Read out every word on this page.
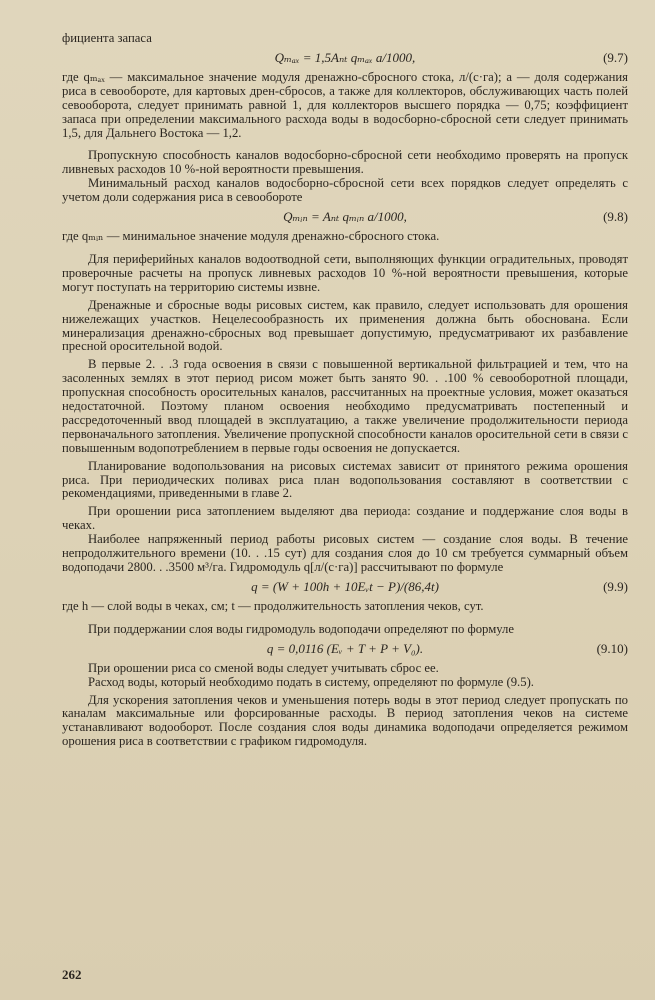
фициента запаса

Qₘₐₓ = 1,5Aₙₜ qₘₐₓ a/1000,	(9.7)

где qₘₐₓ — максимальное значение модуля дренажно-сбросного стока, л/(с·га); a — доля содержания риса в севообороте, для картовых дрен-сбросов, а также для коллекторов, обслуживающих часть полей севооборота, следует принимать равной 1, для коллекторов высшего порядка — 0,75; коэффициент запаса при определении максимального расхода воды в водосборно-сбросной сети следует принимать 1,5, для Дальнего Востока — 1,2.

Пропускную способность каналов водосборно-сбросной сети необходимо проверять на пропуск ливневых расходов 10 %-ной вероятности превышения.

Минимальный расход каналов водосборно-сбросной сети всех порядков следует определять с учетом доли содержания риса в севообороте

Qₘᵢₙ = Aₙₜ qₘᵢₙ a/1000,	(9.8)

где qₘᵢₙ — минимальное значение модуля дренажно-сбросного стока.

Для периферийных каналов водоотводной сети, выполняющих функции оградительных, проводят проверочные расчеты на пропуск ливневых расходов 10 %-ной вероятности превышения, которые могут поступать на территорию системы извне.

Дренажные и сбросные воды рисовых систем, как правило, следует использовать для орошения нижележащих участков. Нецелесообразность их применения должна быть обоснована. Если минерализация дренажно-сбросных вод превышает допустимую, предусматривают их разбавление пресной оросительной водой.

В первые 2. . .3 года освоения в связи с повышенной вертикальной фильтрацией и тем, что на засоленных землях в этот период рисом может быть занято 90. . .100 % севооборотной площади, пропускная способность оросительных каналов, рассчитанных на проектные условия, может оказаться недостаточной. Поэтому планом освоения необходимо предусматривать постепенный и рассредоточенный ввод площадей в эксплуатацию, а также увеличение продолжительности периода первоначального затопления. Увеличение пропускной способности каналов оросительной сети в связи с повышенным водопотреблением в первые годы освоения не допускается.

Планирование водопользования на рисовых системах зависит от принятого режима орошения риса. При периодических поливах риса план водопользования составляют в соответствии с рекомендациями, приведенными в главе 2.

При орошении риса затоплением выделяют два периода: создание и поддержание слоя воды в чеках.

Наиболее напряженный период работы рисовых систем — создание слоя воды. В течение непродолжительного времени (10. . .15 сут) для создания слоя до 10 см требуется суммарный объем водоподачи 2800. . .3500 м³/га. Гидромодуль q[л/(с·га)] рассчитывают по формуле

q = (W + 100h + 10Eᵥt − P)/(86,4t)	(9.9)

где h — слой воды в чеках, см; t — продолжительность затопления чеков, сут.

При поддержании слоя воды гидромодуль водоподачи определяют по формуле

q = 0,0116 (Eᵥ + T + P + V₀).	(9.10)

При орошении риса со сменой воды следует учитывать сброс ее.

Расход воды, который необходимо подать в систему, определяют по формуле (9.5).

Для ускорения затопления чеков и уменьшения потерь воды в этот период следует пропускать по каналам максимальные или форсированные расходы. В период затопления чеков на системе устанавливают водооборот. После создания слоя воды динамика водоподачи определяется режимом орошения риса в соответствии с графиком гидромодуля.

262
